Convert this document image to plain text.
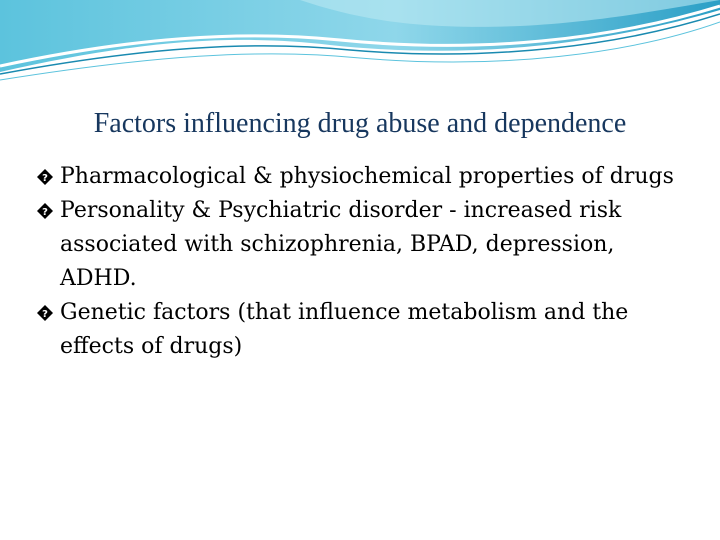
Factors influencing drug abuse and dependence
? Pharmacological & physiochemical properties of drugs
? Personality & Psychiatric disorder - increased risk associated with schizophrenia, BPAD, depression, ADHD.
? Genetic factors (that influence metabolism and the effects of drugs)
